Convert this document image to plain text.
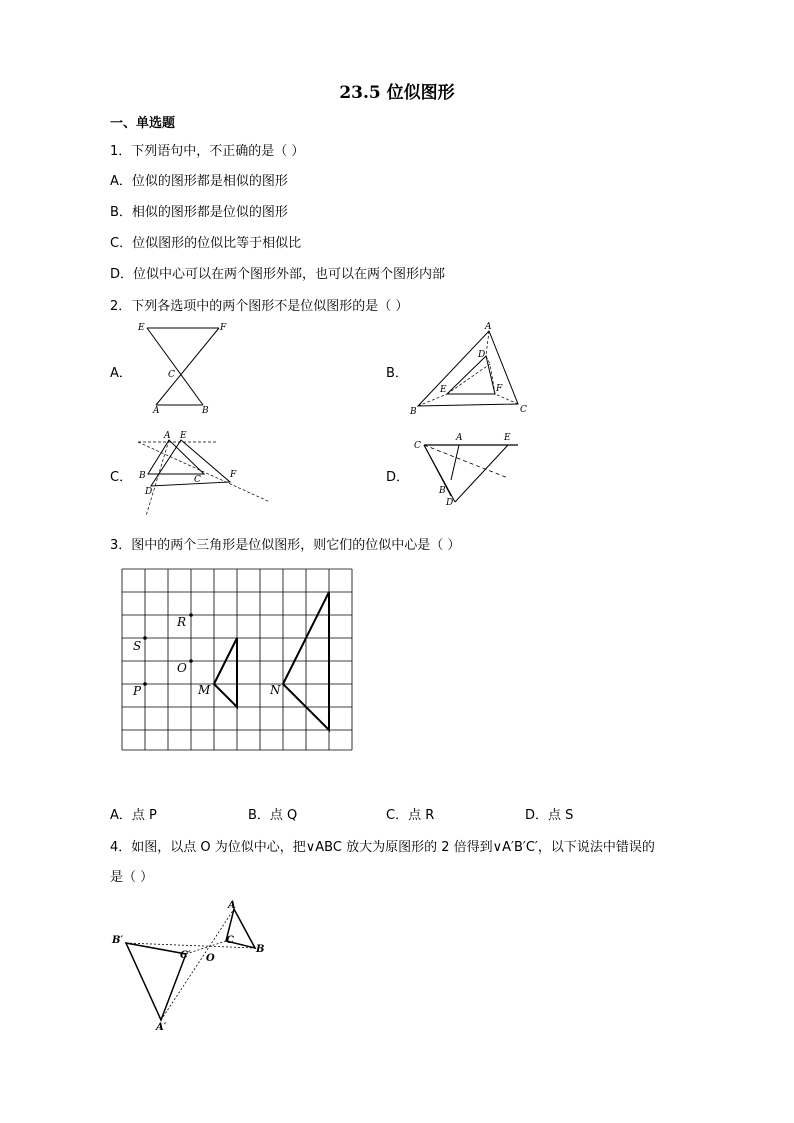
23.5 位似图形
一、单选题
1．下列语句中，不正确的是（ ）
A．位似的图形都是相似的图形
B．相似的图形都是位似的图形
C．位似图形的位似比等于相似比
D．位似中心可以在两个图形外部，也可以在两个图形内部
2．下列各选项中的两个图形不是位似图形的是（ ）
A．
E	F
C
A	B
B．
A
D
E	F
B	C
C．
A E
B	C	F
D
D．
C
A	E
B
D
3．图中的两个三角形是位似图形，则它们的位似中心是（ ）
R
S
O
P	M	N
A．点 P	B．点 Q	C．点 R	D．点 S
4．如图，以点 O 为位似中心，把∨ABC 放大为原图形的 2 倍得到∨A′B′C′，以下说法中错误的
是（ ）
A
B
C
O
A′
B′
C′
